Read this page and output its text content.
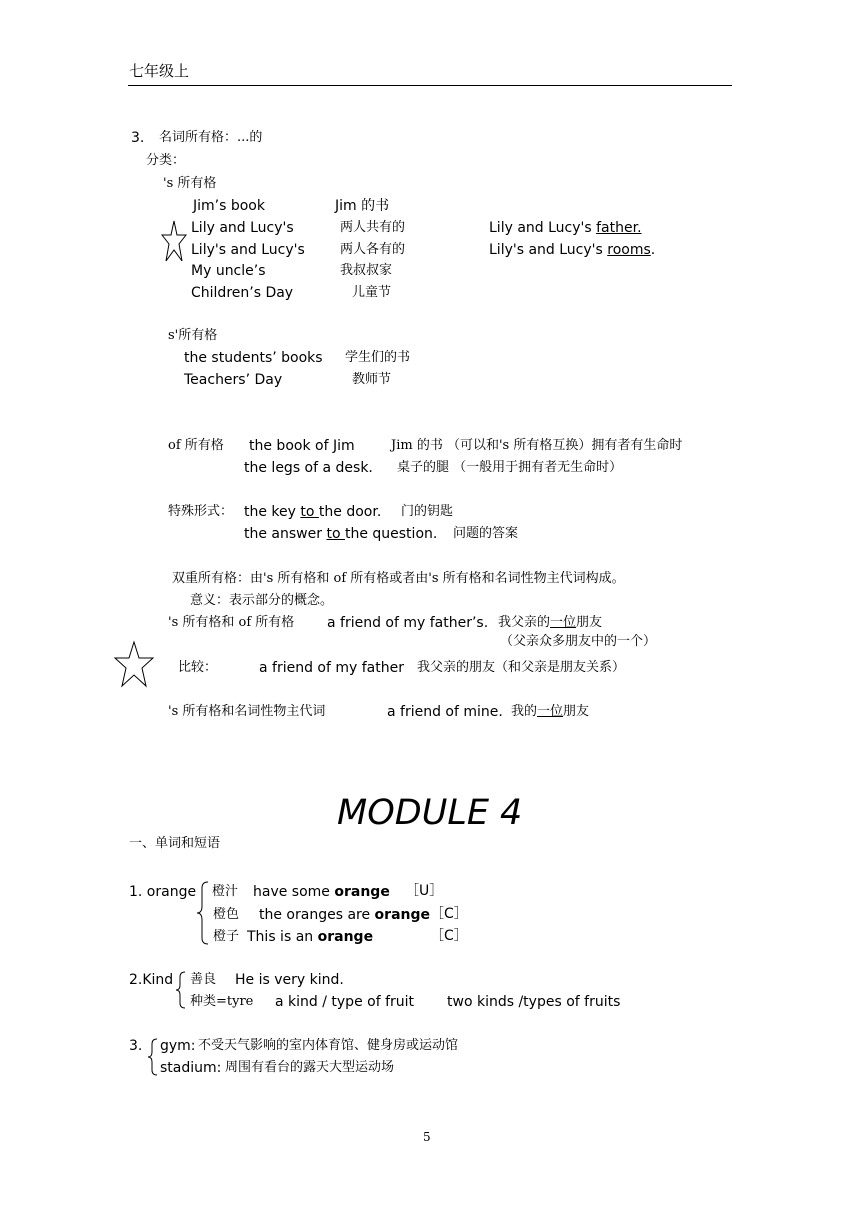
七年级上
3. 名词所有格：...的
分类：
's 所有格
Jim’s book	Jim 的书
Lily and Lucy's	两人共有的	Lily and Lucy's father.
Lily's and Lucy's	两人各有的	Lily's and Lucy's rooms.
My uncle’s	我叔叔家
Children’s Day	儿童节
s'所有格
the students’ books 学生们的书
Teachers’ Day	教师节
of 所有格 the book of Jim	Jim 的书 （可以和's 所有格互换）拥有者有生命时
the legs of a desk. 桌子的腿 （一般用于拥有者无生命时）
特殊形式： the key to the door. 门的钥匙
the answer to the question. 问题的答案
双重所有格：由's 所有格和 of 所有格或者由's 所有格和名词性物主代词构成。
意义：表示部分的概念。
's 所有格和 of 所有格 a friend of my father’s. 我父亲的一位朋友
（父亲众多朋友中的一个）
比较：	a friend of my father 我父亲的朋友（和父亲是朋友关系）
's 所有格和名词性物主代词	a friend of mine. 我的一位朋友
MODULE 4
一、单词和短语
1. orange 橙汁 have some orange ［U］
橙色 the oranges are orange ［C］
橙子 This is an orange	［C］
2.Kind 善良 He is very kind.
种类=tyre a kind / type of fruit two kinds /types of fruits
3. gym: 不受天气影响的室内体育馆、健身房或运动馆
stadium: 周围有看台的露天大型运动场
5
